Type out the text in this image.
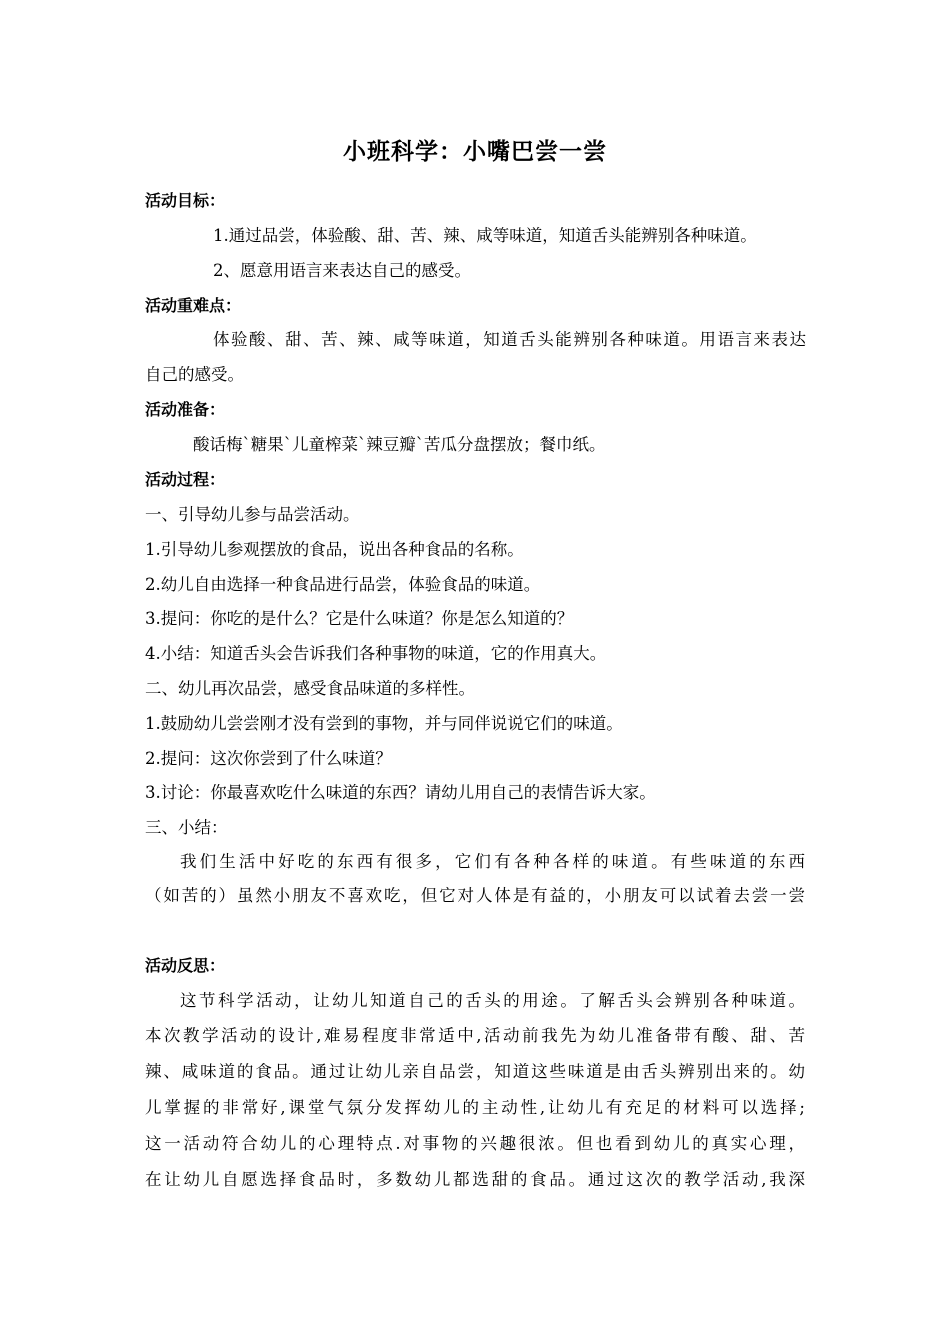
小班科学：小嘴巴尝一尝
活动目标：
1.通过品尝，体验酸、甜、苦、辣、咸等味道，知道舌头能辨别各种味道。
2、愿意用语言来表达自己的感受。
活动重难点：
体验酸、甜、苦、辣、咸等味道，知道舌头能辨别各种味道。用语言来表达
自己的感受。
活动准备：
酸话梅`糖果`儿童榨菜`辣豆瓣`苦瓜分盘摆放；餐巾纸。
活动过程：
一、引导幼儿参与品尝活动。
1.引导幼儿参观摆放的食品，说出各种食品的名称。
2.幼儿自由选择一种食品进行品尝，体验食品的味道。
3.提问：你吃的是什么？它是什么味道？你是怎么知道的？
4.小结：知道舌头会告诉我们各种事物的味道，它的作用真大。
二、幼儿再次品尝，感受食品味道的多样性。
1.鼓励幼儿尝尝刚才没有尝到的事物，并与同伴说说它们的味道。
2.提问：这次你尝到了什么味道？
3.讨论：你最喜欢吃什么味道的东西？请幼儿用自己的表情告诉大家。
三、小结：
我们生活中好吃的东西有很多，它们有各种各样的味道。有些味道的东西
（如苦的）虽然小朋友不喜欢吃，但它对人体是有益的，小朋友可以试着去尝一尝
活动反思：
这节科学活动，让幼儿知道自己的舌头的用途。了解舌头会辨别各种味道。
本次教学活动的设计,难易程度非常适中,活动前我先为幼儿准备带有酸、甜、苦
辣、咸味道的食品。通过让幼儿亲自品尝，知道这些味道是由舌头辨别出来的。幼
儿掌握的非常好,课堂气氛分发挥幼儿的主动性,让幼儿有充足的材料可以选择;
这一活动符合幼儿的心理特点.对事物的兴趣很浓。但也看到幼儿的真实心理，
在让幼儿自愿选择食品时，多数幼儿都选甜的食品。通过这次的教学活动,我深
